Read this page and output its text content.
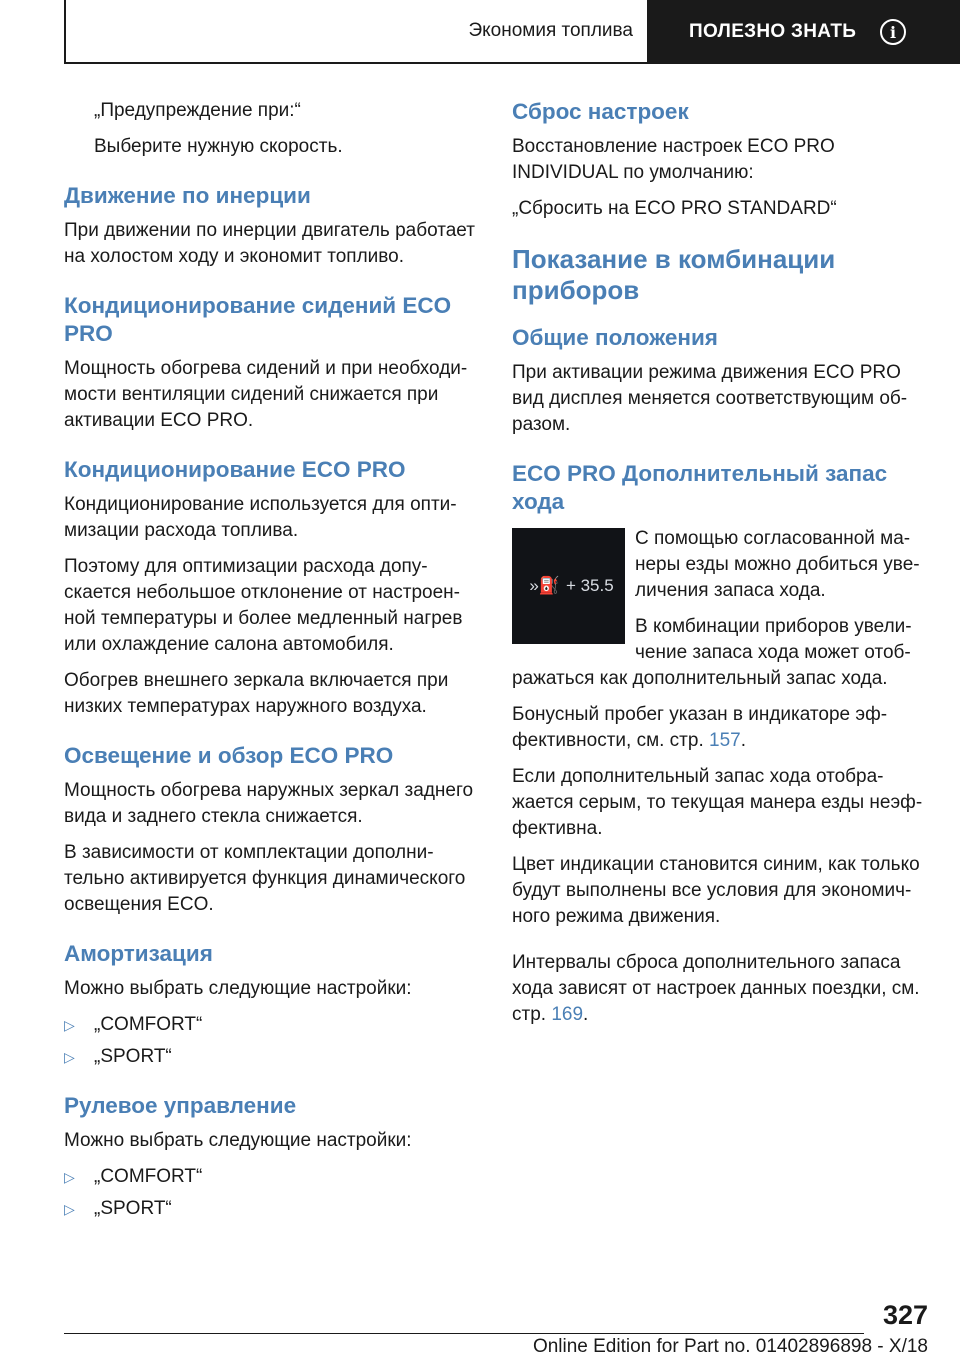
Экономия топлива	ПОЛЕЗНО ЗНАТЬ	i

„Предупреждение при:“

Выберите нужную скорость.

Движение по инерции

При движении по инерции двигатель работает на холостом ходу и экономит топливо.

Кондиционирование сидений ECO PRO

Мощность обогрева сидений и при необходи-мости вентиляции сидений снижается при активации ECO PRO.

Кондиционирование ECO PRO

Кондиционирование используется для опти-мизации расхода топлива.

Поэтому для оптимизации расхода допу-скается небольшое отклонение от настроен-ной температуры и более медленный нагрев или охлаждение салона автомобиля.

Обогрев внешнего зеркала включается при низких температурах наружного воздуха.

Освещение и обзор ECO PRO

Мощность обогрева наружных зеркал заднего вида и заднего стекла снижается.

В зависимости от комплектации дополни-тельно активируется функция динамического освещения ECO.

Амортизация

Можно выбрать следующие настройки:

▷	„COMFORT“
▷	„SPORT“
Рулевое управление

Можно выбрать следующие настройки:

▷	„COMFORT“
▷	„SPORT“
Сброс настроек

Восстановление настроек ECO PRO INDIVIDUAL по умолчанию:

„Сбросить на ECO PRO STANDARD“

Показание в комбинации приборов
Общие положения

При активации режима движения ECO PRO вид дисплея меняется соответствующим об-разом.

ECO PRO Дополнительный запас хода
»⛽ + 35.5

С помощью согласованной ма-неры езды можно добиться уве-личения запаса хода.

В комбинации приборов увели-чение запаса хода может отоб-ражаться как дополнительный запас хода.

Бонусный пробег указан в индикаторе эф-фективности, см. стр. 157.

Если дополнительный запас хода отобра-жается серым, то текущая манера езды неэф-фективна.

Цвет индикации становится синим, как только будут выполнены все условия для экономич-ного режима движения.

Интервалы сброса дополнительного запаса хода зависят от настроек данных поездки, см. стр. 169.

327
Online Edition for Part no. 01402896898 - X/18
